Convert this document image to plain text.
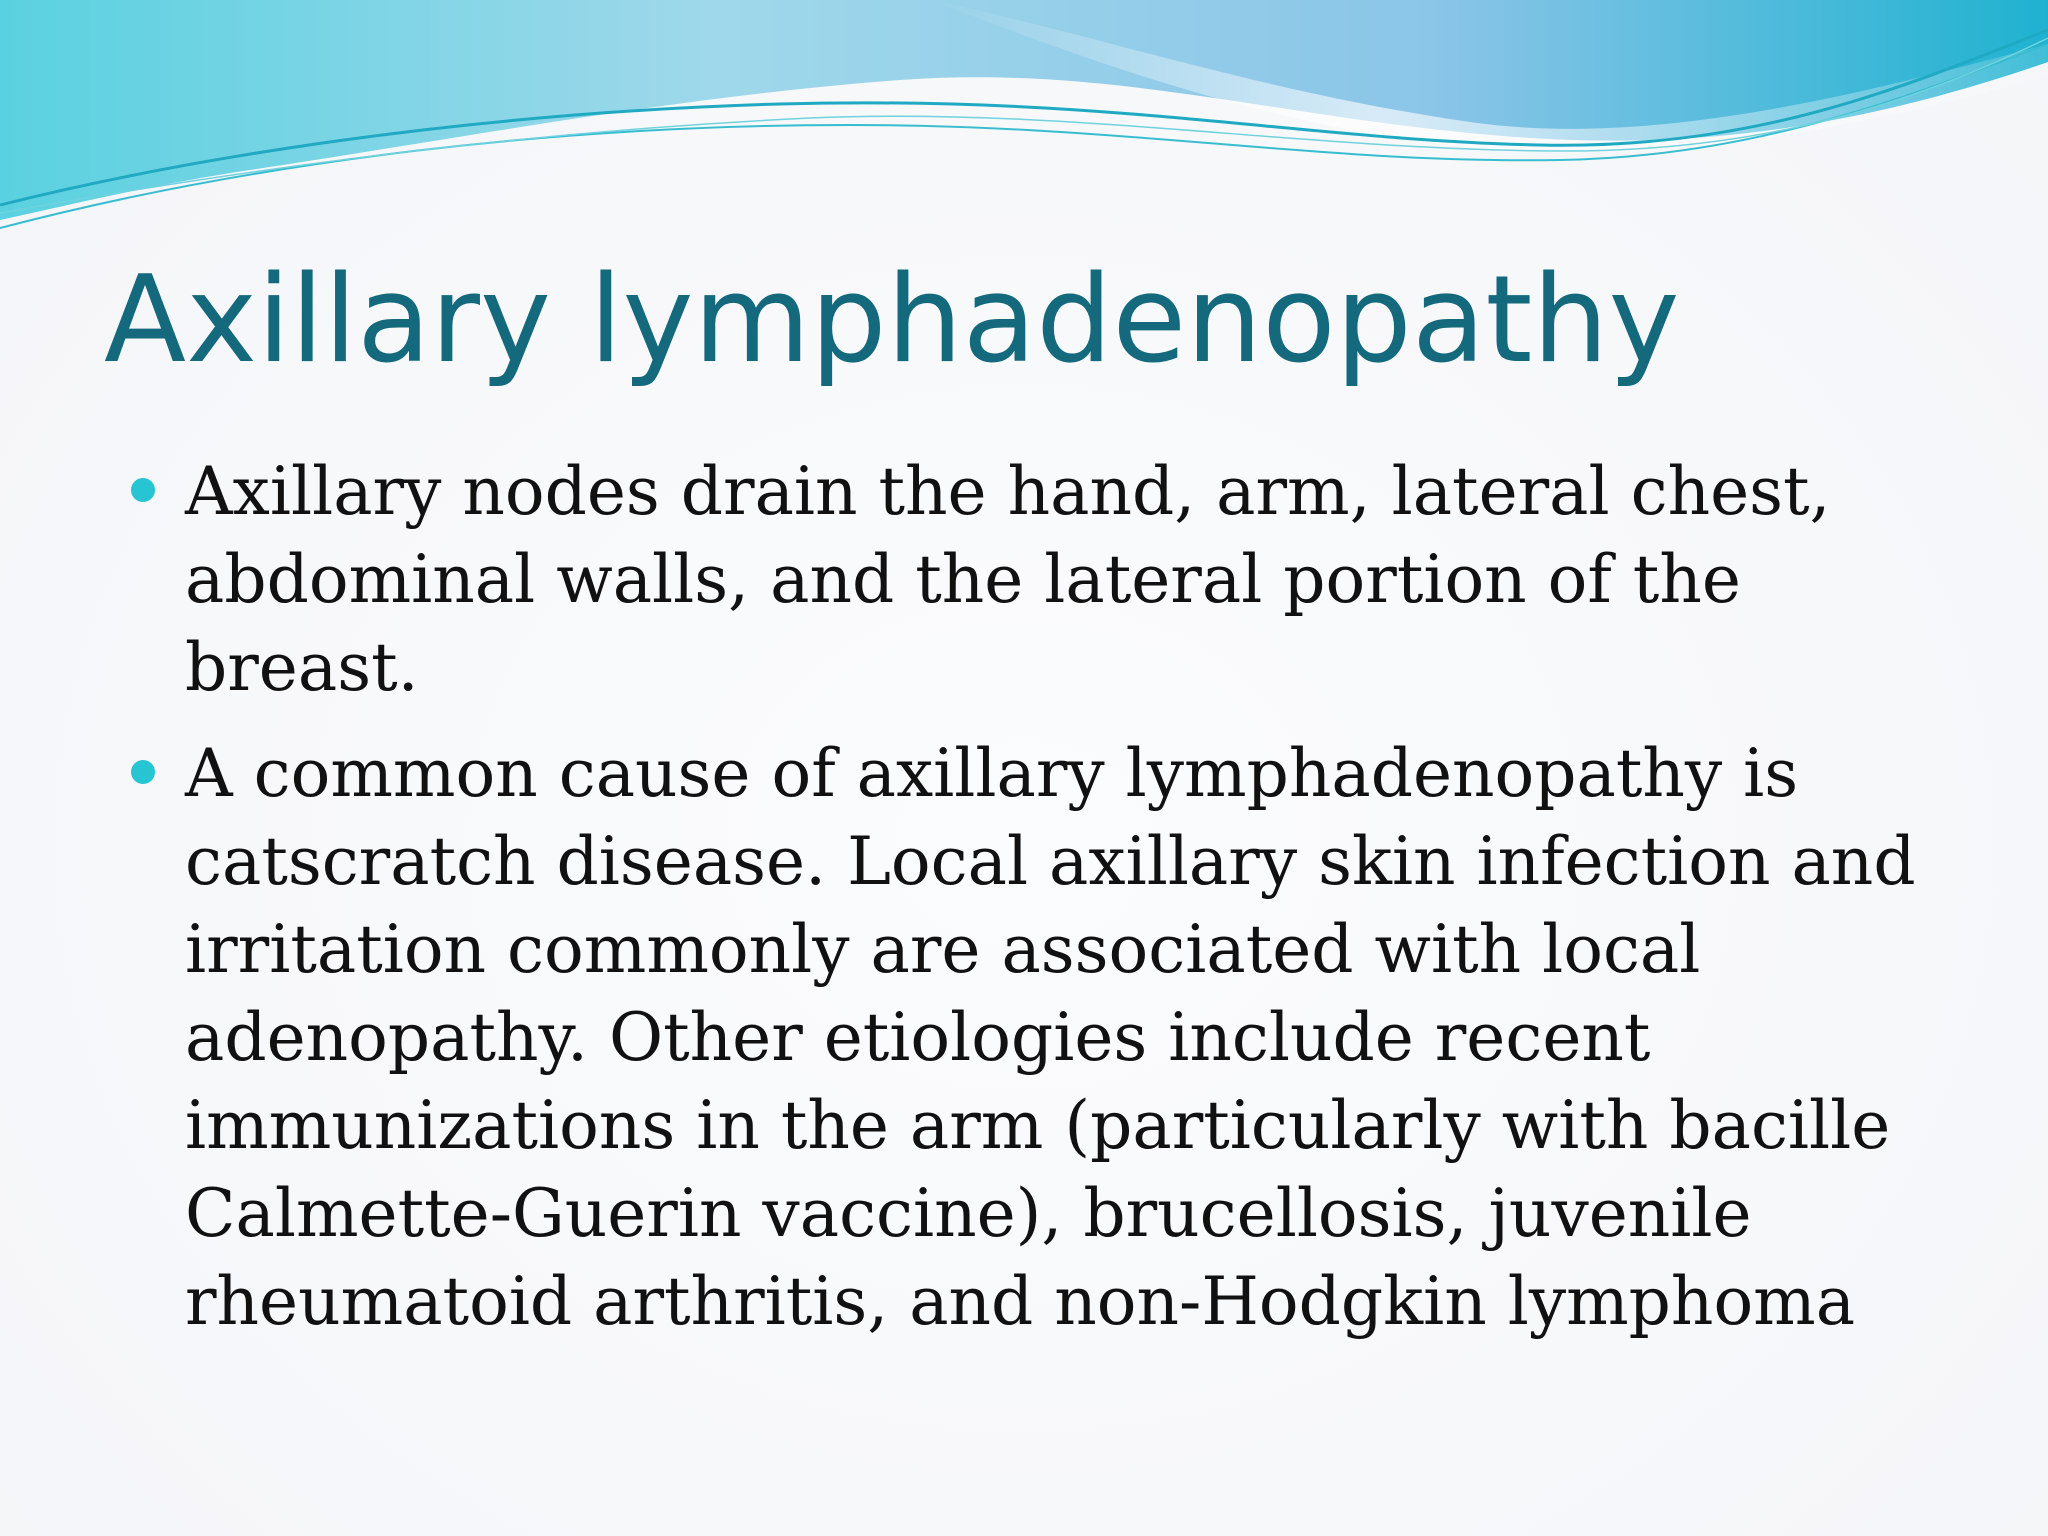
Axillary lymphadenopathy
Axillary nodes drain the hand, arm, lateral chest, abdominal walls, and the lateral portion of the breast.
A common cause of axillary lymphadenopathy is catscratch disease. Local axillary skin infection and irritation commonly are associated with local adenopathy. Other etiologies include recent immunizations in the arm (particularly with bacille Calmette-Guerin vaccine), brucellosis, juvenile rheumatoid arthritis, and non-Hodgkin lymphoma
